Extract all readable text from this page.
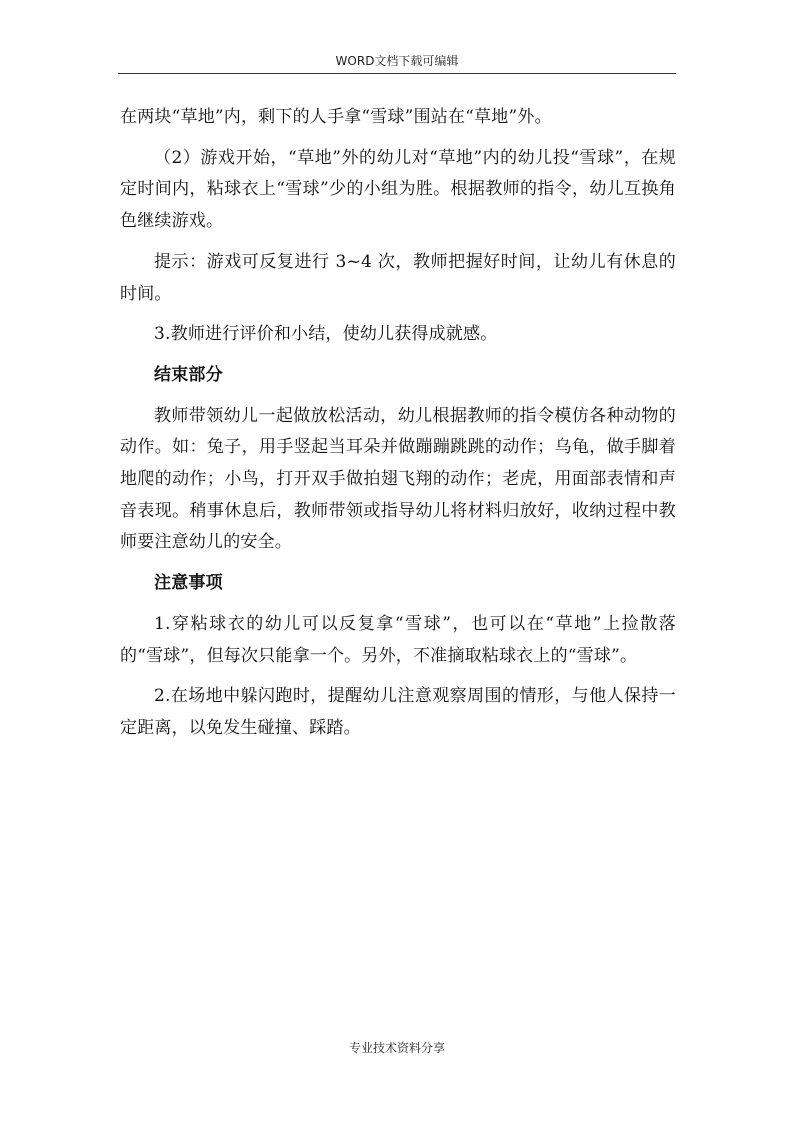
WORD文档下载可编辑

在两块“草地”内，剩下的人手拿“雪球”围站在“草地”外。

（2）游戏开始，“草地”外的幼儿对“草地”内的幼儿投“雪球”，在规定时间内，粘球衣上“雪球”少的小组为胜。根据教师的指令，幼儿互换角色继续游戏。

提示：游戏可反复进行 3~4 次，教师把握好时间，让幼儿有休息的时间。

3.教师进行评价和小结，使幼儿获得成就感。

结束部分

教师带领幼儿一起做放松活动，幼儿根据教师的指令模仿各种动物的动作。如：兔子，用手竖起当耳朵并做蹦蹦跳跳的动作；乌龟，做手脚着地爬的动作；小鸟，打开双手做拍翅飞翔的动作；老虎，用面部表情和声音表现。稍事休息后，教师带领或指导幼儿将材料归放好，收纳过程中教师要注意幼儿的安全。

注意事项

1.穿粘球衣的幼儿可以反复拿“雪球”，也可以在“草地”上捡散落的“雪球”，但每次只能拿一个。另外，不准摘取粘球衣上的“雪球”。

2.在场地中躲闪跑时，提醒幼儿注意观察周围的情形，与他人保持一定距离，以免发生碰撞、踩踏。

专业技术资料分享
